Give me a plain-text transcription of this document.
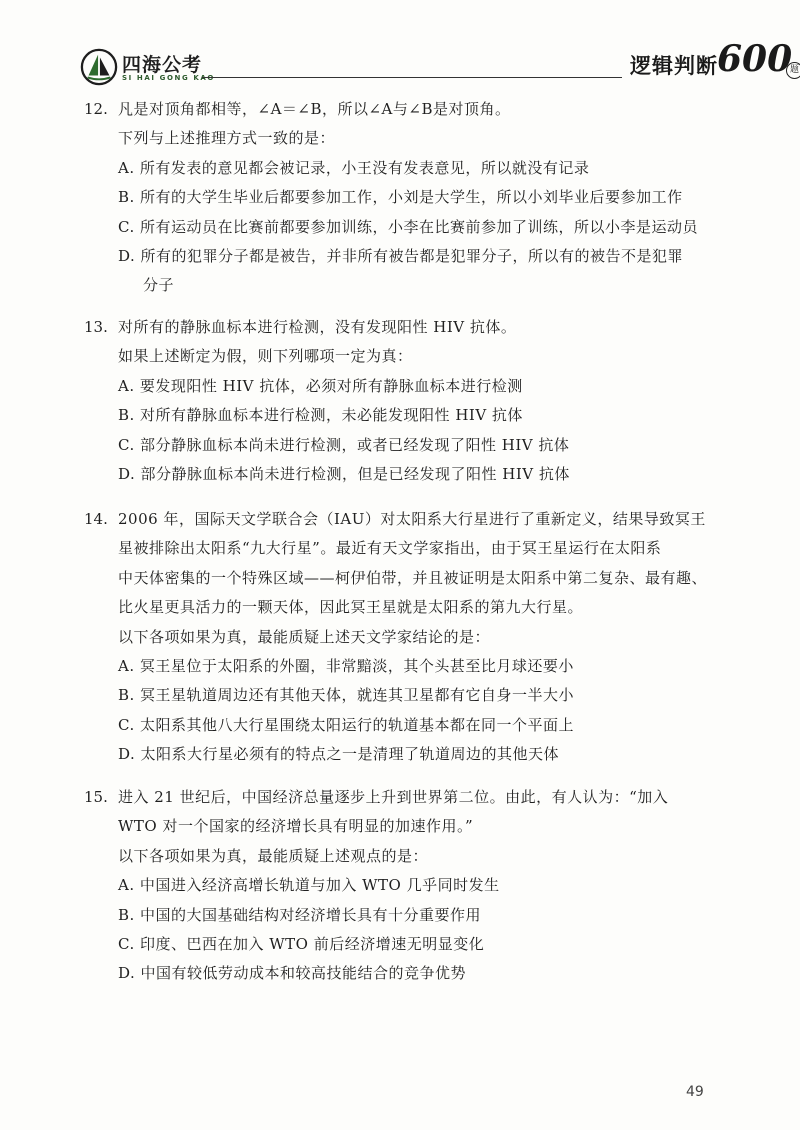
四海公考
SI HAI GONG KAO	逻辑判断 600
题
12. 凡是对顶角都相等，∠A＝∠B，所以∠A与∠B是对顶角。
下列与上述推理方式一致的是：
A. 所有发表的意见都会被记录，小王没有发表意见，所以就没有记录
B. 所有的大学生毕业后都要参加工作，小刘是大学生，所以小刘毕业后要参加工作
C. 所有运动员在比赛前都要参加训练，小李在比赛前参加了训练，所以小李是运动员
D. 所有的犯罪分子都是被告，并非所有被告都是犯罪分子，所以有的被告不是犯罪
分子
13. 对所有的静脉血标本进行检测，没有发现阳性 HIV 抗体。
如果上述断定为假，则下列哪项一定为真：
A. 要发现阳性 HIV 抗体，必须对所有静脉血标本进行检测
B. 对所有静脉血标本进行检测，未必能发现阳性 HIV 抗体
C. 部分静脉血标本尚未进行检测，或者已经发现了阳性 HIV 抗体
D. 部分静脉血标本尚未进行检测，但是已经发现了阳性 HIV 抗体
14. 2006 年，国际天文学联合会（IAU）对太阳系大行星进行了重新定义，结果导致冥王
星被排除出太阳系“九大行星”。最近有天文学家指出，由于冥王星运行在太阳系
中天体密集的一个特殊区域——柯伊伯带，并且被证明是太阳系中第二复杂、最有趣、
比火星更具活力的一颗天体，因此冥王星就是太阳系的第九大行星。
以下各项如果为真，最能质疑上述天文学家结论的是：
A. 冥王星位于太阳系的外圈，非常黯淡，其个头甚至比月球还要小
B. 冥王星轨道周边还有其他天体，就连其卫星都有它自身一半大小
C. 太阳系其他八大行星围绕太阳运行的轨道基本都在同一个平面上
D. 太阳系大行星必须有的特点之一是清理了轨道周边的其他天体
15. 进入 21 世纪后，中国经济总量逐步上升到世界第二位。由此，有人认为：“加入
WTO 对一个国家的经济增长具有明显的加速作用。”
以下各项如果为真，最能质疑上述观点的是：
A. 中国进入经济高增长轨道与加入 WTO 几乎同时发生
B. 中国的大国基础结构对经济增长具有十分重要作用
C. 印度、巴西在加入 WTO 前后经济增速无明显变化
D. 中国有较低劳动成本和较高技能结合的竞争优势
49
